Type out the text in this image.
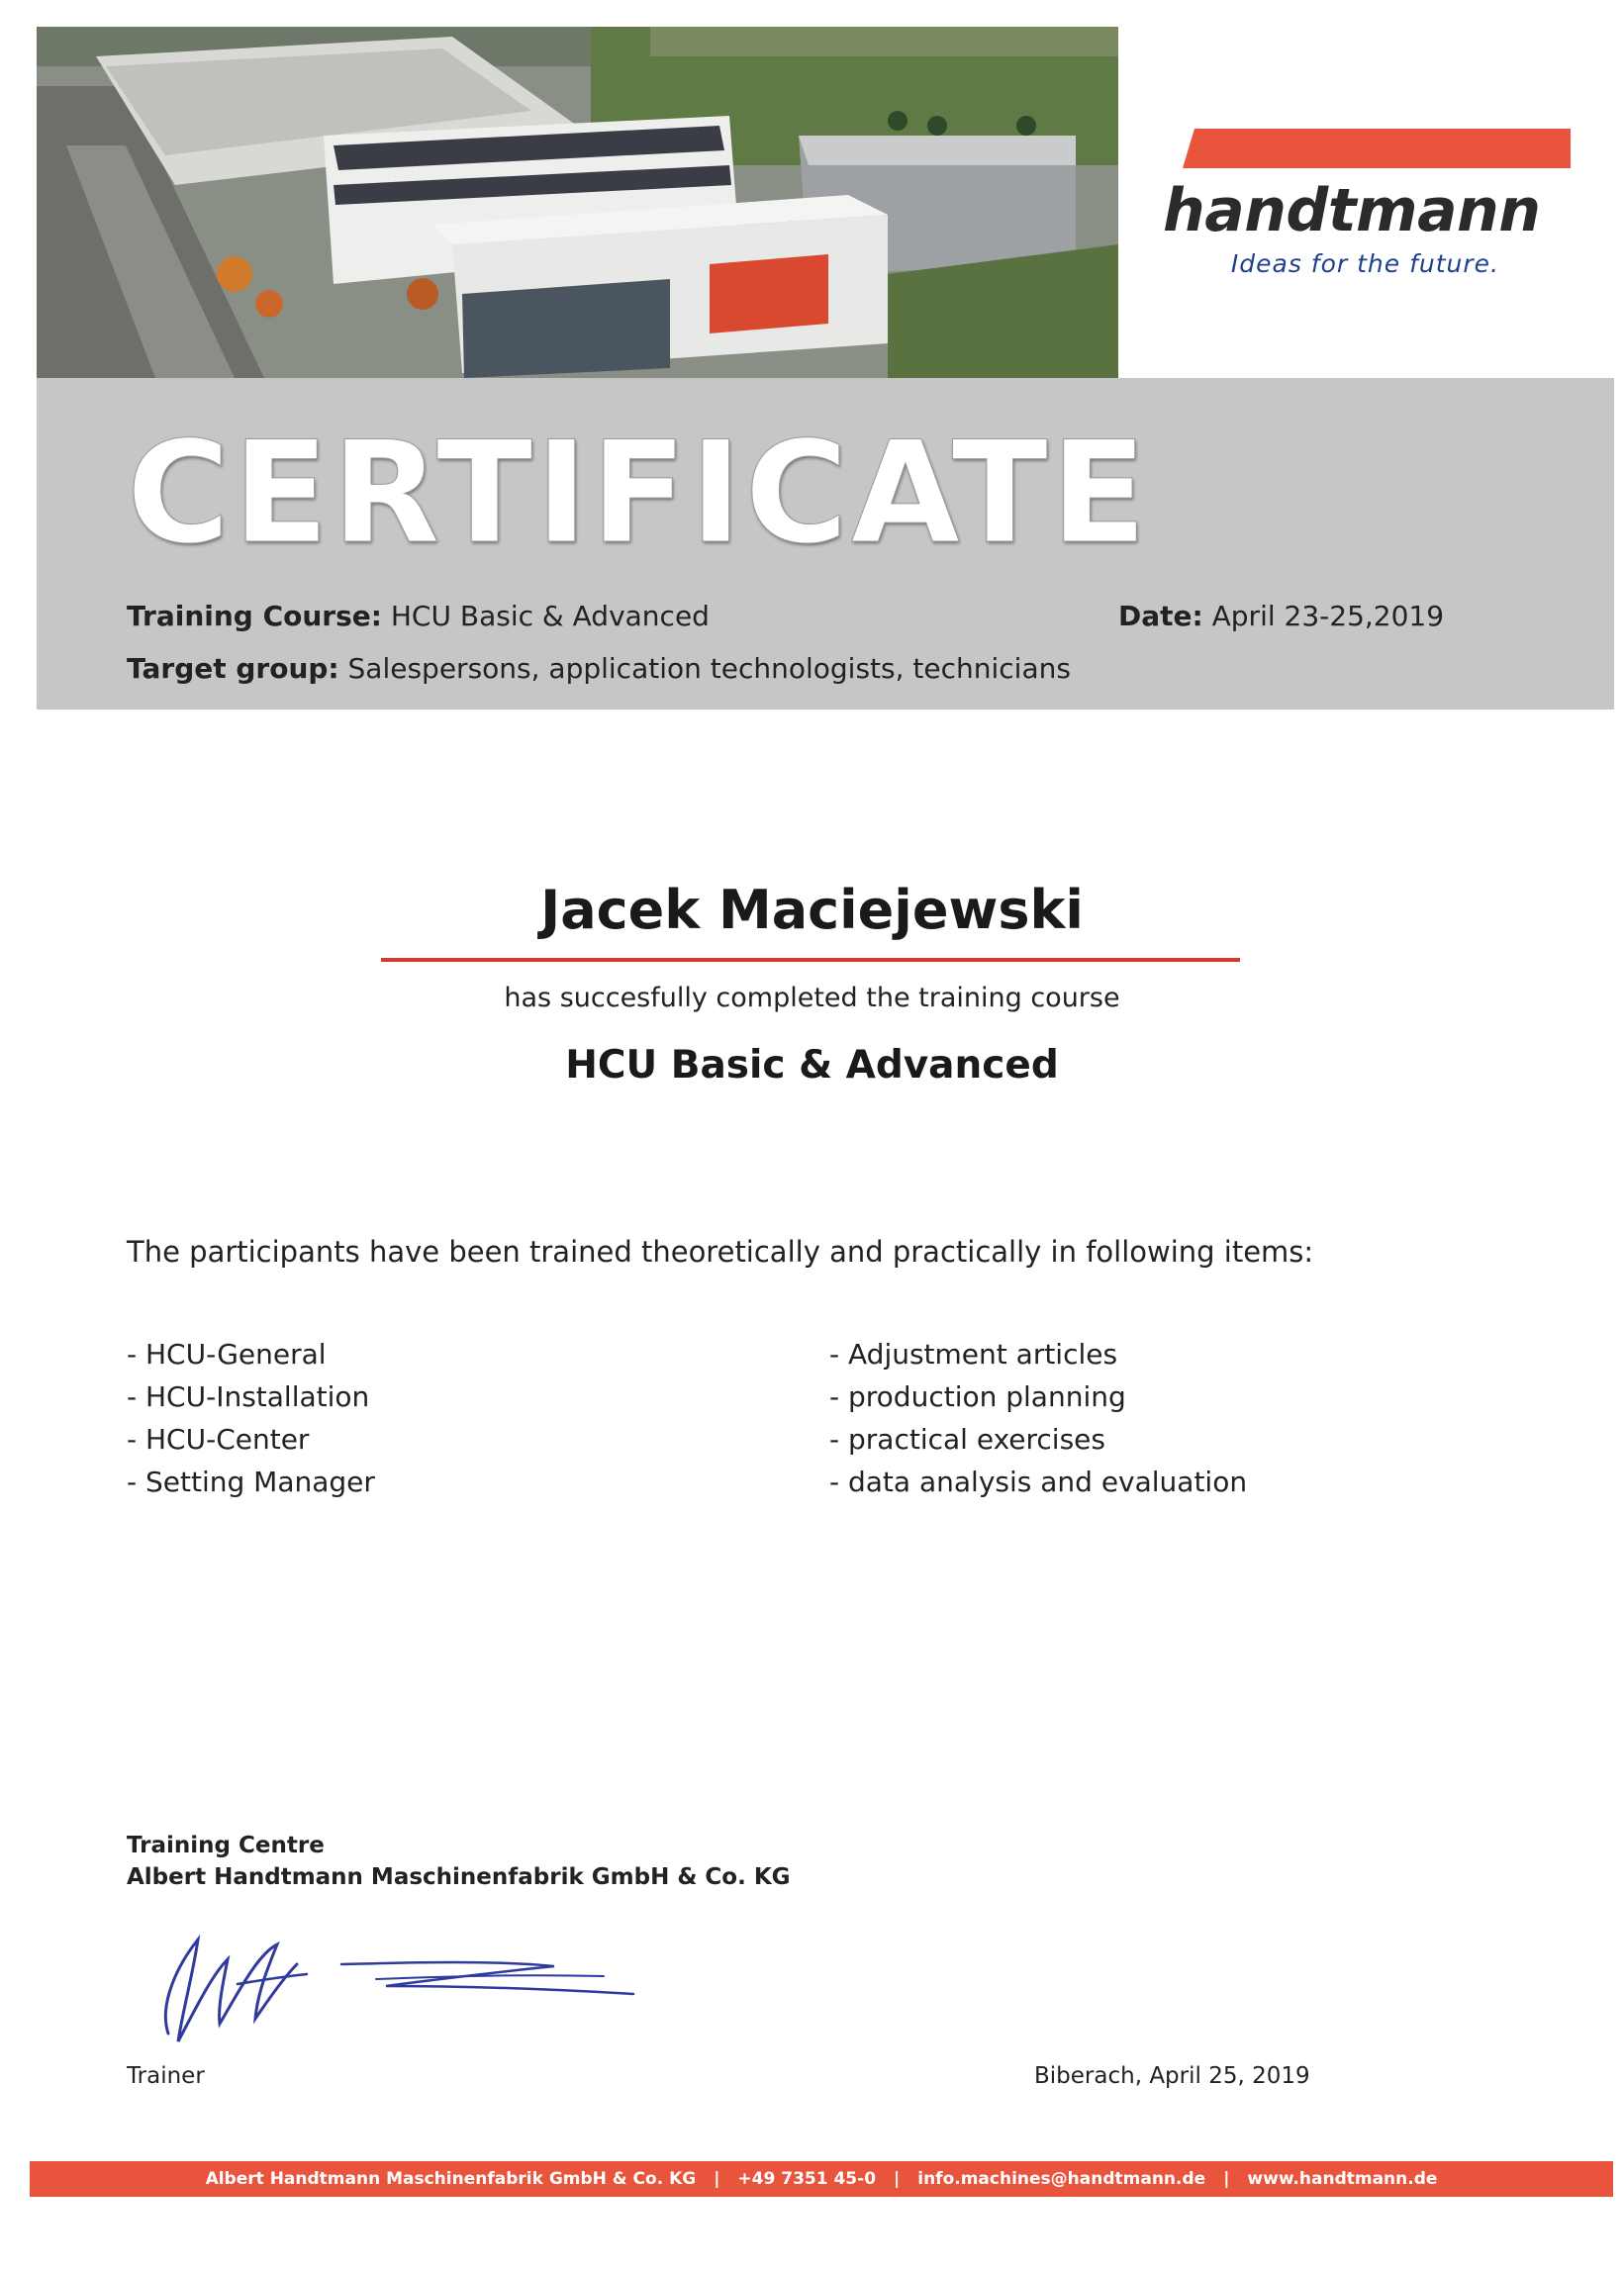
handtmann
Ideas for the future.
CERTIFICATE
Training Course: HCU Basic & Advanced
Target group: Salespersons, application technologists, technicians
Date: April 23-25,2019
Jacek Maciejewski
has succesfully completed the training course
HCU Basic & Advanced
The participants have been trained theoretically and practically in following items:
- HCU-General
- HCU-Installation
- HCU-Center
- Setting Manager
- Adjustment articles
- production planning
- practical exercises
- data analysis and evaluation
Training Centre
Albert Handtmann Maschinenfabrik GmbH & Co. KG
Trainer	Biberach, April 25, 2019
Albert Handtmann Maschinenfabrik GmbH & Co. KG | +49 7351 45-0 | info.machines@handtmann.de | www.handtmann.de
